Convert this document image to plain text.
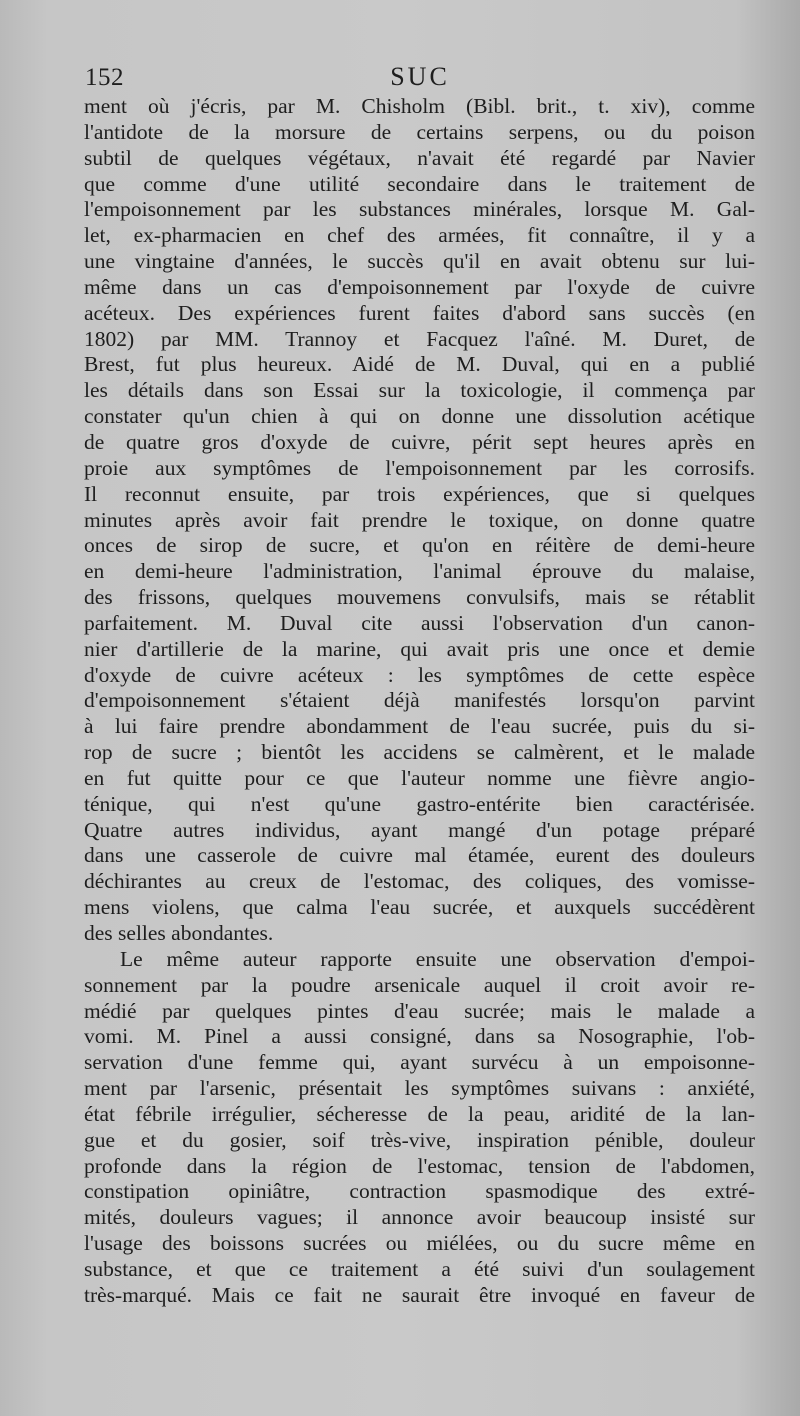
152	SUC
ment où j'écris, par M. Chisholm (Bibl. brit., t. xiv), comme
l'antidote de la morsure de certains serpens, ou du poison
subtil de quelques végétaux, n'avait été regardé par Navier
que comme d'une utilité secondaire dans le traitement de
l'empoisonnement par les substances minérales, lorsque M. Gal-
let, ex-pharmacien en chef des armées, fit connaître, il y a
une vingtaine d'années, le succès qu'il en avait obtenu sur lui-
même dans un cas d'empoisonnement par l'oxyde de cuivre
acéteux. Des expériences furent faites d'abord sans succès (en
1802) par MM. Trannoy et Facquez l'aîné. M. Duret, de
Brest, fut plus heureux. Aidé de M. Duval, qui en a publié
les détails dans son Essai sur la toxicologie, il commença par
constater qu'un chien à qui on donne une dissolution acétique
de quatre gros d'oxyde de cuivre, périt sept heures après en
proie aux symptômes de l'empoisonnement par les corrosifs.
Il reconnut ensuite, par trois expériences, que si quelques
minutes après avoir fait prendre le toxique, on donne quatre
onces de sirop de sucre, et qu'on en réitère de demi-heure
en demi-heure l'administration, l'animal éprouve du malaise,
des frissons, quelques mouvemens convulsifs, mais se rétablit
parfaitement. M. Duval cite aussi l'observation d'un canon-
nier d'artillerie de la marine, qui avait pris une once et demie
d'oxyde de cuivre acéteux : les symptômes de cette espèce
d'empoisonnement s'étaient déjà manifestés lorsqu'on parvint
à lui faire prendre abondamment de l'eau sucrée, puis du si-
rop de sucre ; bientôt les accidens se calmèrent, et le malade
en fut quitte pour ce que l'auteur nomme une fièvre angio-
ténique, qui n'est qu'une gastro-entérite bien caractérisée.
Quatre autres individus, ayant mangé d'un potage préparé
dans une casserole de cuivre mal étamée, eurent des douleurs
déchirantes au creux de l'estomac, des coliques, des vomisse-
mens violens, que calma l'eau sucrée, et auxquels succédèrent
des selles abondantes.
Le même auteur rapporte ensuite une observation d'empoi-
sonnement par la poudre arsenicale auquel il croit avoir re-
médié par quelques pintes d'eau sucrée; mais le malade a
vomi. M. Pinel a aussi consigné, dans sa Nosographie, l'ob-
servation d'une femme qui, ayant survécu à un empoisonne-
ment par l'arsenic, présentait les symptômes suivans : anxiété,
état fébrile irrégulier, sécheresse de la peau, aridité de la lan-
gue et du gosier, soif très-vive, inspiration pénible, douleur
profonde dans la région de l'estomac, tension de l'abdomen,
constipation opiniâtre, contraction spasmodique des extré-
mités, douleurs vagues; il annonce avoir beaucoup insisté sur
l'usage des boissons sucrées ou miélées, ou du sucre même en
substance, et que ce traitement a été suivi d'un soulagement
très-marqué. Mais ce fait ne saurait être invoqué en faveur de
